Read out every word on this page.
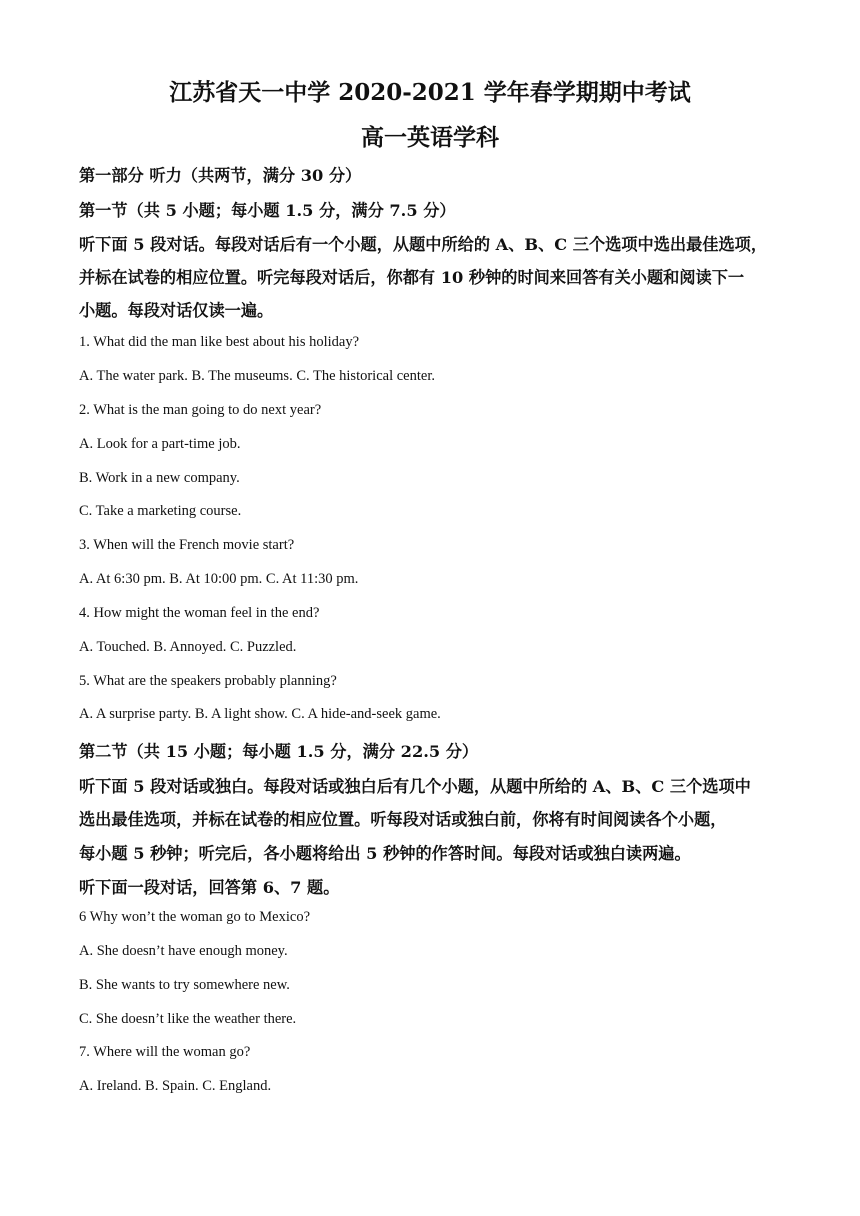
江苏省天一中学 2020-2021 学年春学期期中考试
高一英语学科
第一部分 听力（共两节，满分 30 分）
第一节（共 5 小题；每小题 1.5 分，满分 7.5 分）
听下面 5 段对话。每段对话后有一个小题，从题中所给的 A、B、C 三个选项中选出最佳选项，
并标在试卷的相应位置。听完每段对话后，你都有 10 秒钟的时间来回答有关小题和阅读下一
小题。每段对话仅读一遍。
1. What did the man like best about his holiday?
A. The water park. B. The museums. C. The historical center.
2. What is the man going to do next year?
A. Look for a part-time job.
B. Work in a new company.
C. Take a marketing course.
3. When will the French movie start?
A. At 6:30 pm. B. At 10:00 pm. C. At 11:30 pm.
4. How might the woman feel in the end?
A. Touched. B. Annoyed. C. Puzzled.
5. What are the speakers probably planning?
A. A surprise party. B. A light show. C. A hide-and-seek game.
第二节（共 15 小题；每小题 1.5 分，满分 22.5 分）
听下面 5 段对话或独白。每段对话或独白后有几个小题，从题中所给的 A、B、C 三个选项中
选出最佳选项，并标在试卷的相应位置。听每段对话或独白前，你将有时间阅读各个小题，
每小题 5 秒钟；听完后，各小题将给出 5 秒钟的作答时间。每段对话或独白读两遍。
听下面一段对话，回答第 6、7 题。
6 Why won’t the woman go to Mexico?
A. She doesn’t have enough money.
B. She wants to try somewhere new.
C. She doesn’t like the weather there.
7. Where will the woman go?
A. Ireland. B. Spain. C. England.
